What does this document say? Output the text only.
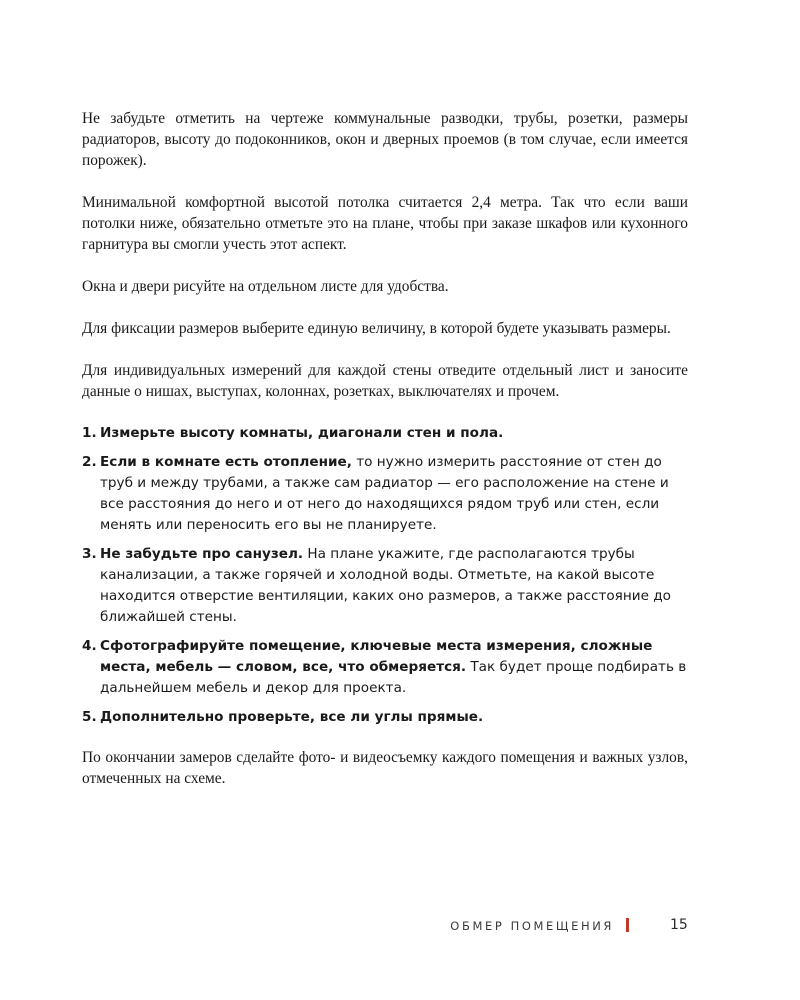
Не забудьте отметить на чертеже коммунальные разводки, трубы, розетки, размеры радиаторов, высоту до подоконников, окон и дверных проемов (в том случае, если имеется порожек).

Минимальной комфортной высотой потолка считается 2,4 метра. Так что если ваши потолки ниже, обязательно отметьте это на плане, чтобы при заказе шкафов или кухонного гарнитура вы смогли учесть этот аспект.

Окна и двери рисуйте на отдельном листе для удобства.

Для фиксации размеров выберите единую величину, в которой будете указывать размеры.

Для индивидуальных измерений для каждой стены отведите отдельный лист и заносите данные о нишах, выступах, колоннах, розетках, выключателях и прочем.

1. Измерьте высоту комнаты, диагонали стен и пола.
2. Если в комнате есть отопление, то нужно измерить расстояние от стен до труб и между трубами, а также сам радиатор — его расположение на стене и все расстояния до него и от него до находящихся рядом труб или стен, если менять или переносить его вы не планируете.
3. Не забудьте про санузел. На плане укажите, где располагаются трубы канализации, а также горячей и холодной воды. Отметьте, на какой высоте находится отверстие вентиляции, каких оно размеров, а также расстояние до ближайшей стены.
4. Сфотографируйте помещение, ключевые места измерения, сложные места, мебель — словом, все, что обмеряется. Так будет проще подбирать в дальнейшем мебель и декор для проекта.
5. Дополнительно проверьте, все ли углы прямые.

По окончании замеров сделайте фото- и видеосъемку каждого помещения и важных узлов, отмеченных на схеме.

ОБМЕР ПОМЕЩЕНИЯ	15
